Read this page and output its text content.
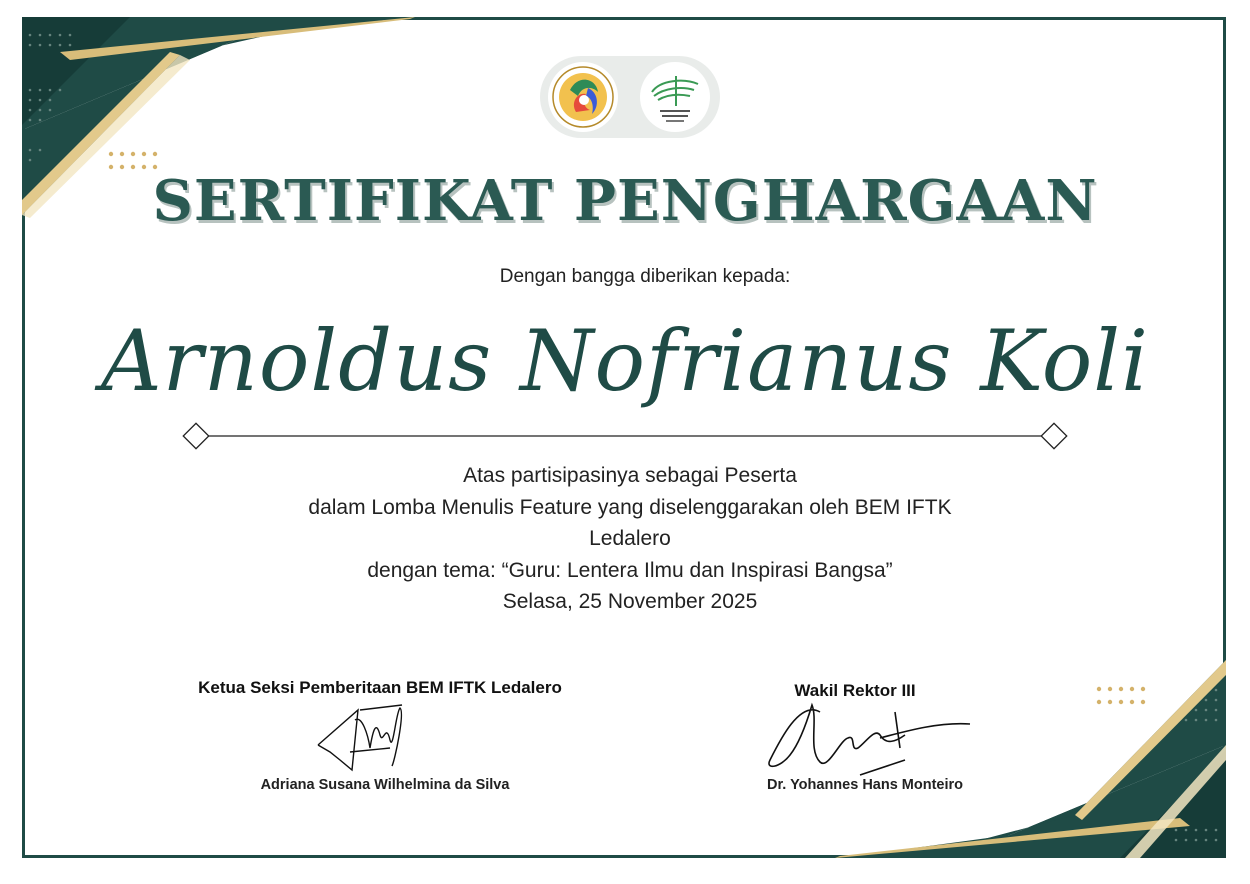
SERTIFIKAT PENGHARGAAN
Dengan bangga diberikan kepada:
Arnoldus Nofrianus Koli
Atas partisipasinya sebagai Peserta
dalam Lomba Menulis Feature yang diselenggarakan oleh BEM IFTK
Ledalero
dengan tema: “Guru: Lentera Ilmu dan Inspirasi Bangsa”
Selasa, 25 November 2025
Ketua Seksi Pemberitaan BEM IFTK Ledalero	Wakil Rektor III
Adriana Susana Wilhelmina da Silva	Dr. Yohannes Hans Monteiro
